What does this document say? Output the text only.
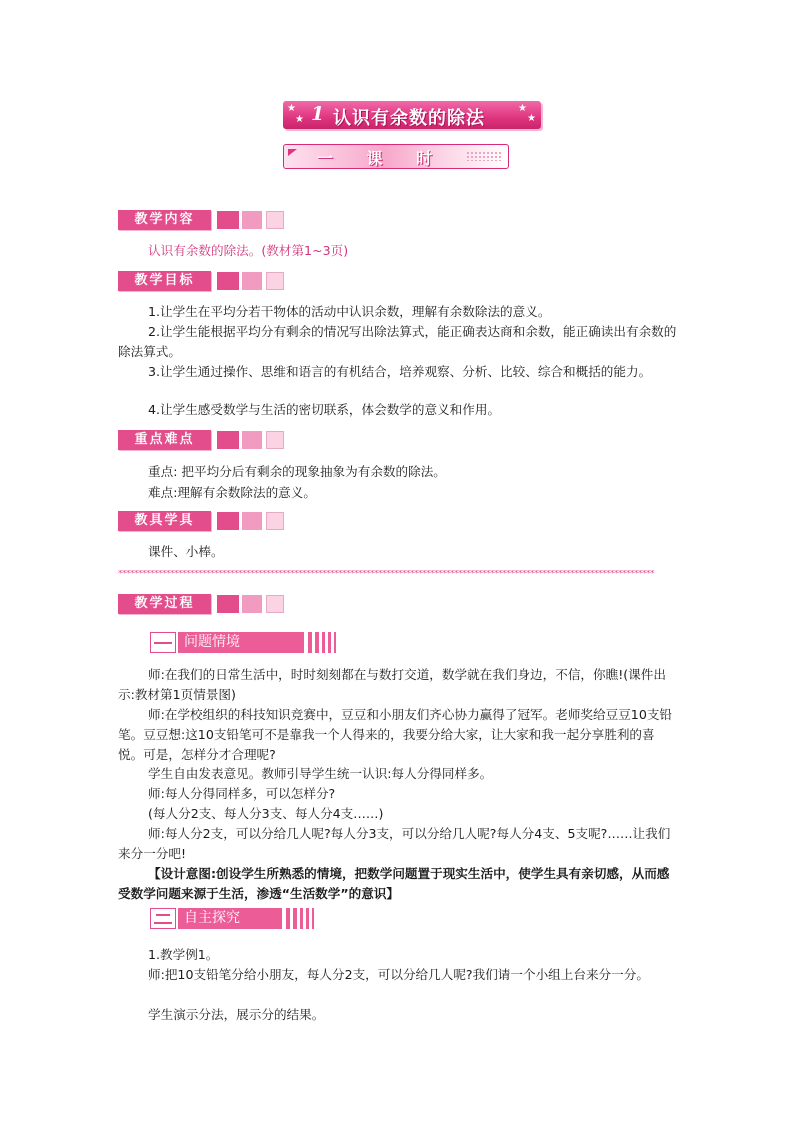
★
★ 1 认识有余数的除法	★
★
一 课 时
教学内容
认识有余数的除法。(教材第1~3页)
教学目标
1.让学生在平均分若干物体的活动中认识余数，理解有余数除法的意义。
2.让学生能根据平均分有剩余的情况写出除法算式，能正确表达商和余数，能正确读出有余数的除法算式。
3.让学生通过操作、思维和语言的有机结合，培养观察、分析、比较、综合和概括的能力。
4.让学生感受数学与生活的密切联系，体会数学的意义和作用。
重点难点
重点: 把平均分后有剩余的现象抽象为有余数的除法。
难点:理解有余数除法的意义。
教具学具
课件、小棒。
**************************************************************************************************************************************
教学过程
问题情境
师:在我们的日常生活中，时时刻刻都在与数打交道，数学就在我们身边，不信，你瞧!(课件出示:教材第1页情景图)
师:在学校组织的科技知识竞赛中，豆豆和小朋友们齐心协力赢得了冠军。老师奖给豆豆10支铅笔。豆豆想:这10支铅笔可不是靠我一个人得来的，我要分给大家，让大家和我一起分享胜利的喜悦。可是，怎样分才合理呢?
学生自由发表意见。教师引导学生统一认识:每人分得同样多。
师:每人分得同样多，可以怎样分?
(每人分2支、每人分3支、每人分4支……)
师:每人分2支，可以分给几人呢?每人分3支，可以分给几人呢?每人分4支、5支呢?……让我们来分一分吧!
【设计意图:创设学生所熟悉的情境，把数学问题置于现实生活中，使学生具有亲切感，从而感受数学问题来源于生活，渗透“生活数学”的意识】
自主探究
1.教学例1。
师:把10支铅笔分给小朋友，每人分2支，可以分给几人呢?我们请一个小组上台来分一分。
学生演示分法，展示分的结果。
